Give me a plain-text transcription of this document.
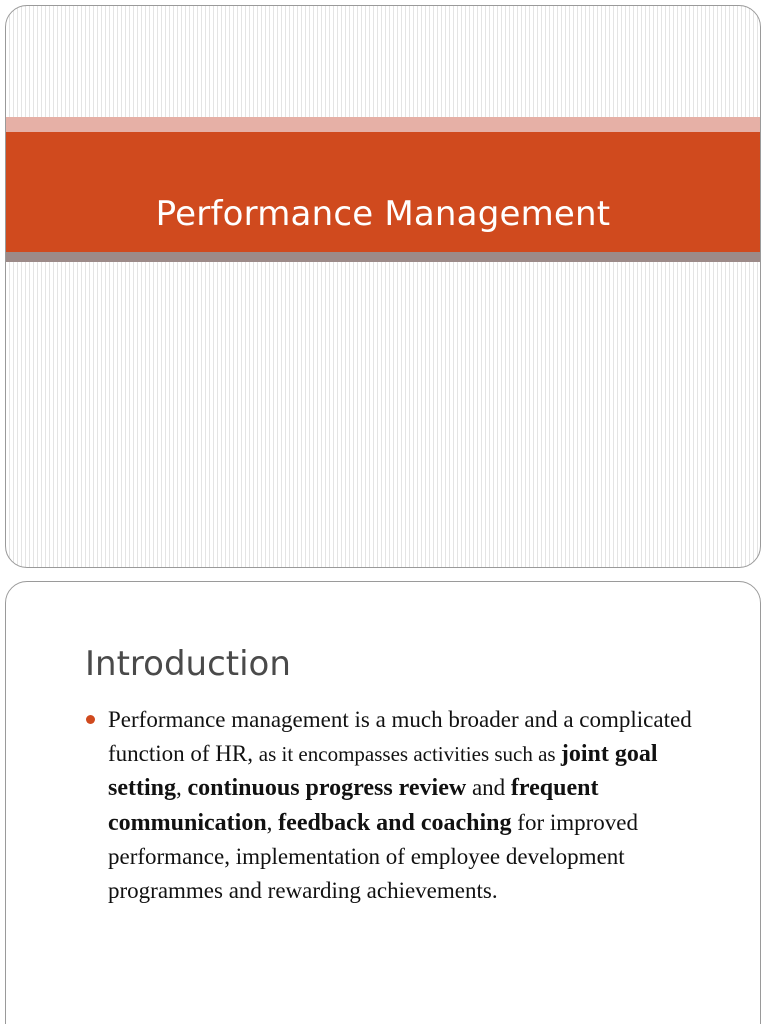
Performance Management
Introduction
Performance management is a much broader and a complicated function of HR, as it encompasses activities such as joint goal setting, continuous progress review and frequent communication, feedback and coaching for improved performance, implementation of employee development programmes and rewarding achievements.
